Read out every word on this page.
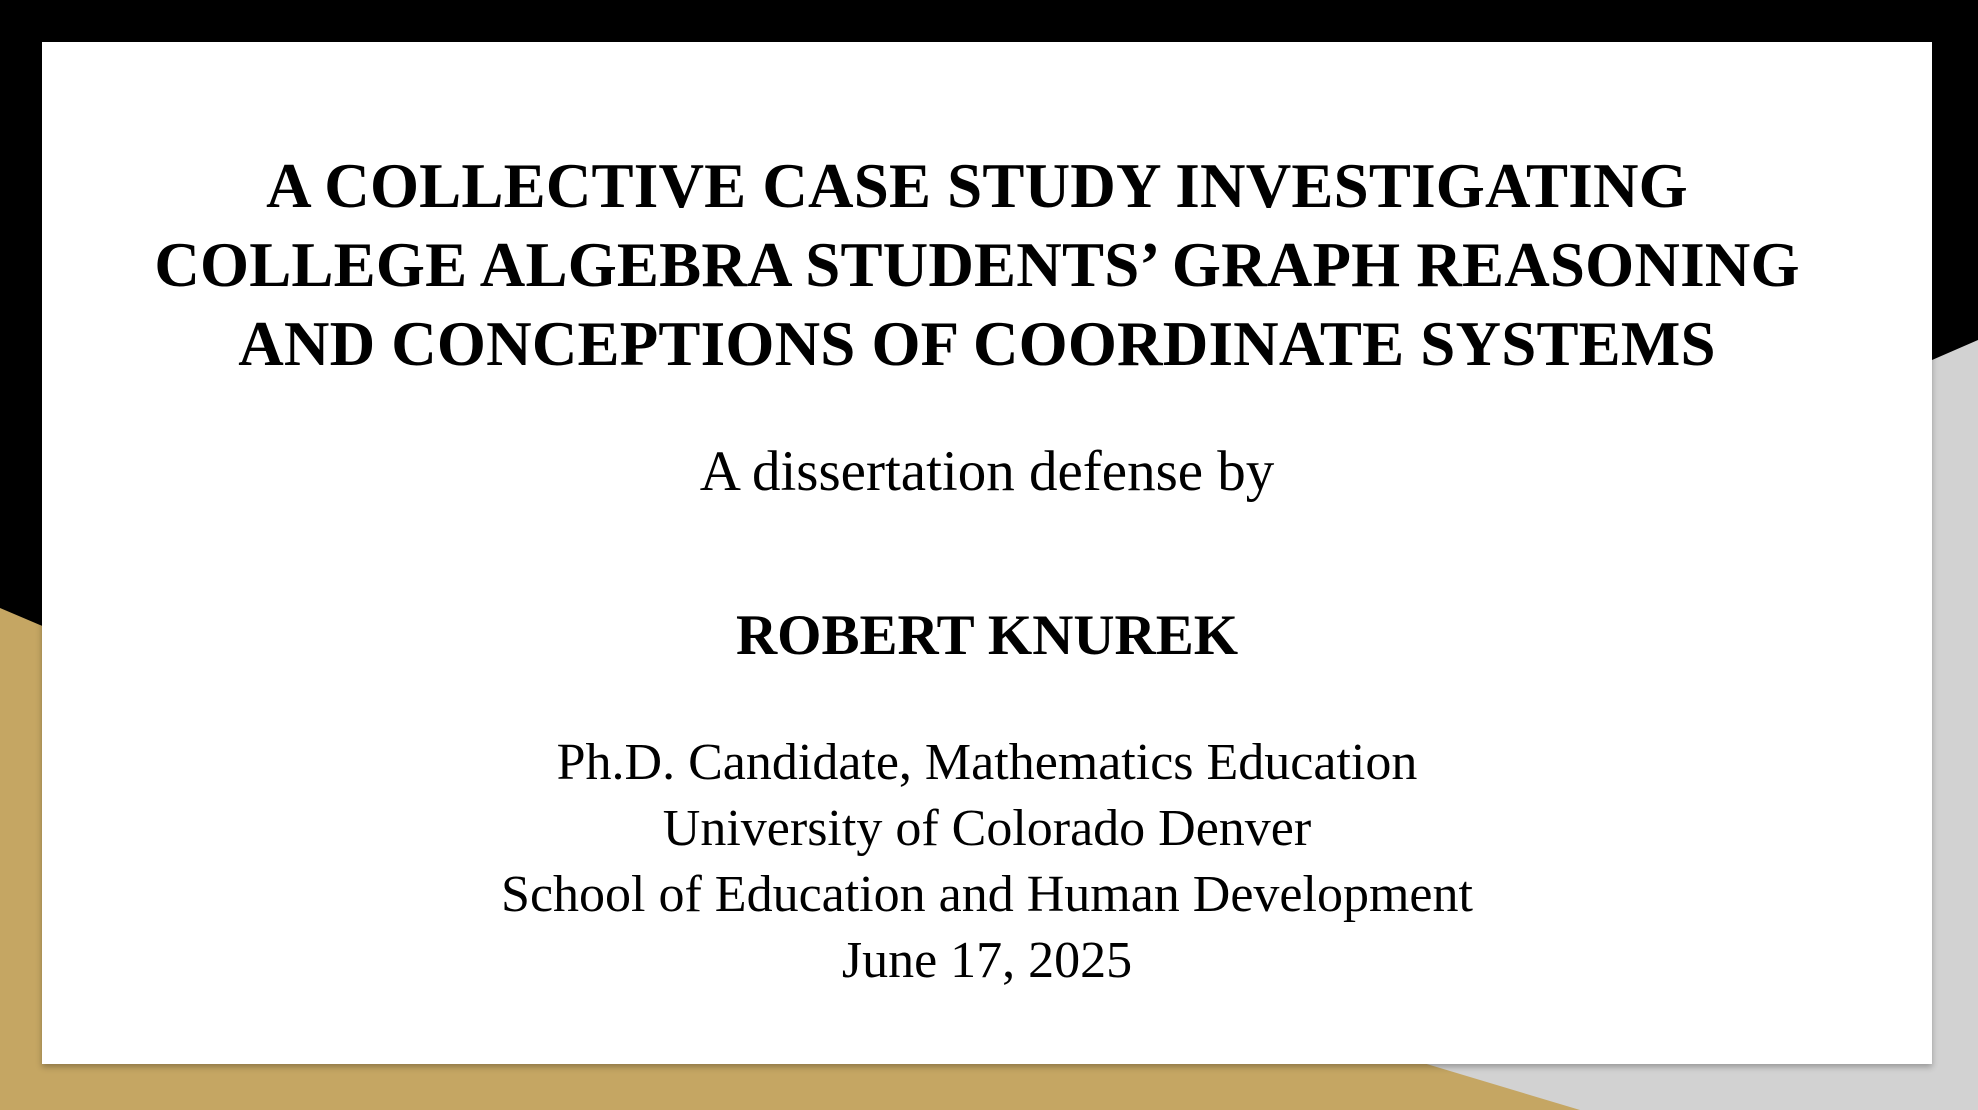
A COLLECTIVE CASE STUDY INVESTIGATING
COLLEGE ALGEBRA STUDENTS’ GRAPH REASONING
AND CONCEPTIONS OF COORDINATE SYSTEMS
A dissertation defense by
ROBERT KNUREK
Ph.D. Candidate, Mathematics Education
University of Colorado Denver
School of Education and Human Development
June 17, 2025
